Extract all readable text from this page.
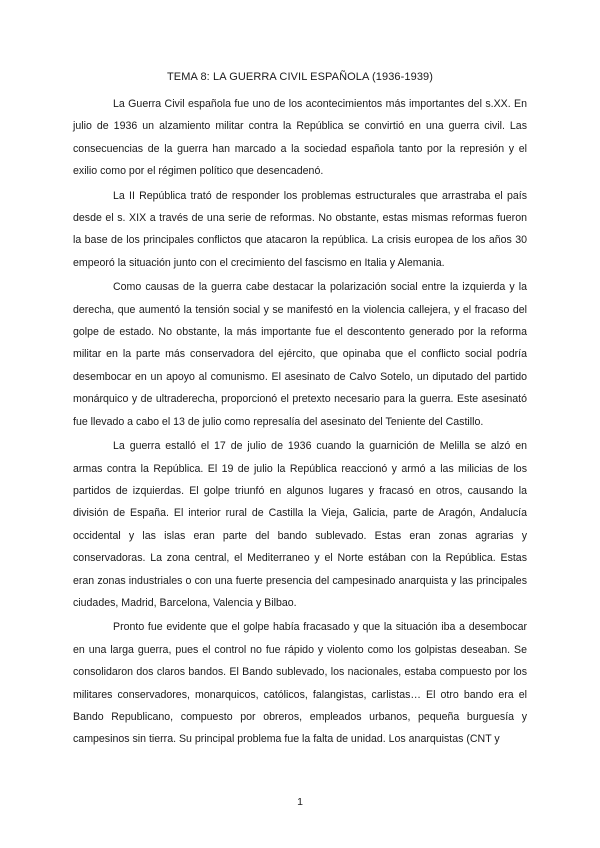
TEMA 8: LA GUERRA CIVIL ESPAÑOLA (1936-1939)

La Guerra Civil española fue uno de los acontecimientos más importantes del s.XX. En julio de 1936 un alzamiento militar contra la República se convirtió en una guerra civil. Las consecuencias de la guerra han marcado a la sociedad española tanto por la represión y el exilio como por el régimen político que desencadenó.

La II República trató de responder los problemas estructurales que arrastraba el país desde el s. XIX a través de una serie de reformas. No obstante, estas mismas reformas fueron la base de los principales conflictos que atacaron la república. La crisis europea de los años 30 empeoró la situación junto con el crecimiento del fascismo en Italia y Alemania.

Como causas de la guerra cabe destacar la polarización social entre la izquierda y la derecha, que aumentó la tensión social y se manifestó en la violencia callejera, y el fracaso del golpe de estado. No obstante, la más importante fue el descontento generado por la reforma militar en la parte más conservadora del ejército, que opinaba que el conflicto social podría desembocar en un apoyo al comunismo. El asesinato de Calvo Sotelo, un diputado del partido monárquico y de ultraderecha, proporcionó el pretexto necesario para la guerra. Este asesinató fue llevado a cabo el 13 de julio como represalía del asesinato del Teniente del Castillo.

La guerra estalló el 17 de julio de 1936 cuando la guarnición de Melilla se alzó en armas contra la República. El 19 de julio la República reaccionó y armó a las milicias de los partidos de izquierdas. El golpe triunfó en algunos lugares y fracasó en otros, causando la división de España. El interior rural de Castilla la Vieja, Galicia, parte de Aragón, Andalucía occidental y las islas eran parte del bando sublevado. Estas eran zonas agrarias y conservadoras. La zona central, el Mediterraneo y el Norte estában con la República. Estas eran zonas industriales o con una fuerte presencia del campesinado anarquista y las principales ciudades, Madrid, Barcelona, Valencia y Bilbao.

Pronto fue evidente que el golpe había fracasado y que la situación iba a desembocar en una larga guerra, pues el control no fue rápido y violento como los golpistas deseaban. Se consolidaron dos claros bandos. El Bando sublevado, los nacionales, estaba compuesto por los militares conservadores, monarquicos, católicos, falangistas, carlistas… El otro bando era el Bando Republicano, compuesto por obreros, empleados urbanos, pequeña burguesía y campesinos sin tierra. Su principal problema fue la falta de unidad. Los anarquistas (CNT y

1
